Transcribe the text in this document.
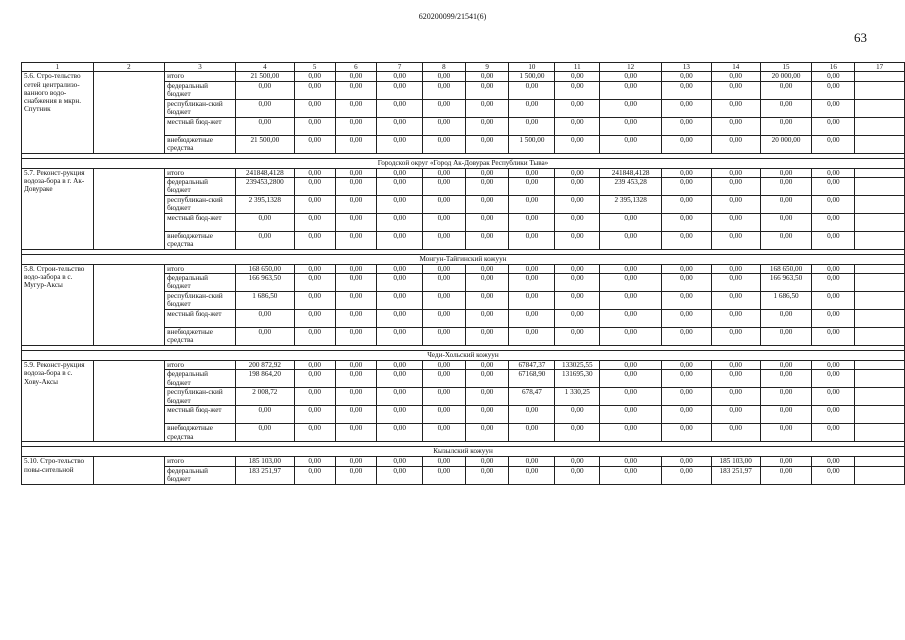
620200099/21541(6)
63
1	2	3	4	5	6	7	8	9	10	11	12	13	14	15	16	17
5.6. Стро-тельство сетей централизо-ванного водо-снабжения в мкрн. Спутник		итого	21 500,00	0,00	0,00	0,00	0,00	0,00	1 500,00	0,00	0,00	0,00	0,00	20 000,00	0,00	
		федеральный бюджет	0,00	0,00	0,00	0,00	0,00	0,00	0,00	0,00	0,00	0,00	0,00	0,00	0,00	
		республикан-ский бюджет	0,00	0,00	0,00	0,00	0,00	0,00	0,00	0,00	0,00	0,00	0,00	0,00	0,00	
		местный бюд-жет	0,00	0,00	0,00	0,00	0,00	0,00	0,00	0,00	0,00	0,00	0,00	0,00	0,00	
		внебюджетные средства	21 500,00	0,00	0,00	0,00	0,00	0,00	1 500,00	0,00	0,00	0,00	0,00	20 000,00	0,00	

Городской округ «Город Ак-Довурак Республики Тыва»																
5.7. Реконст-рукция водоза-бора в г. Ак-Довураке		итого	241848,4128	0,00	0,00	0,00	0,00	0,00	0,00	0,00	241848,4128	0,00	0,00	0,00	0,00	
		федеральный бюджет	239453,2800	0,00	0,00	0,00	0,00	0,00	0,00	0,00	239 453,28	0,00	0,00	0,00	0,00	
		республикан-ский бюджет	2 395,1328	0,00	0,00	0,00	0,00	0,00	0,00	0,00	2 395,1328	0,00	0,00	0,00	0,00	
		местный бюд-жет	0,00	0,00	0,00	0,00	0,00	0,00	0,00	0,00	0,00	0,00	0,00	0,00	0,00	
		внебюджетные средства	0,00	0,00	0,00	0,00	0,00	0,00	0,00	0,00	0,00	0,00	0,00	0,00	0,00	

Монгун-Тайгинский кожуун																
5.8. Строи-тельство водо-забора в с. Мугур-Аксы		итого	168 650,00	0,00	0,00	0,00	0,00	0,00	0,00	0,00	0,00	0,00	0,00	168 650,00	0,00	
		федеральный бюджет	166 963,50	0,00	0,00	0,00	0,00	0,00	0,00	0,00	0,00	0,00	0,00	166 963,50	0,00	
		республикан-ский бюджет	1 686,50	0,00	0,00	0,00	0,00	0,00	0,00	0,00	0,00	0,00	0,00	1 686,50	0,00	
		местный бюд-жет	0,00	0,00	0,00	0,00	0,00	0,00	0,00	0,00	0,00	0,00	0,00	0,00	0,00	
		внебюджетные средства	0,00	0,00	0,00	0,00	0,00	0,00	0,00	0,00	0,00	0,00	0,00	0,00	0,00	

Чеди-Хольский кожуун																
5.9. Реконст-рукция водоза-бора в с. Хову-Аксы		итого	200 872,92	0,00	0,00	0,00	0,00	0,00	67847,37	133025,55	0,00	0,00	0,00	0,00	0,00	
		федеральный бюджет	198 864,20	0,00	0,00	0,00	0,00	0,00	67168,90	131695,30	0,00	0,00	0,00	0,00	0,00	
		республикан-ский бюджет	2 008,72	0,00	0,00	0,00	0,00	0,00	678,47	1 330,25	0,00	0,00	0,00	0,00	0,00	
		местный бюд-жет	0,00	0,00	0,00	0,00	0,00	0,00	0,00	0,00	0,00	0,00	0,00	0,00	0,00	
		внебюджетные средства	0,00	0,00	0,00	0,00	0,00	0,00	0,00	0,00	0,00	0,00	0,00	0,00	0,00	

Кызылский кожуун																
5.10. Стро-тельство повы-сительной		итого	185 103,00	0,00	0,00	0,00	0,00	0,00	0,00	0,00	0,00	0,00	185 103,00	0,00	0,00	
		федеральный бюджет	183 251,97	0,00	0,00	0,00	0,00	0,00	0,00	0,00	0,00	0,00	183 251,97	0,00	0,00	
